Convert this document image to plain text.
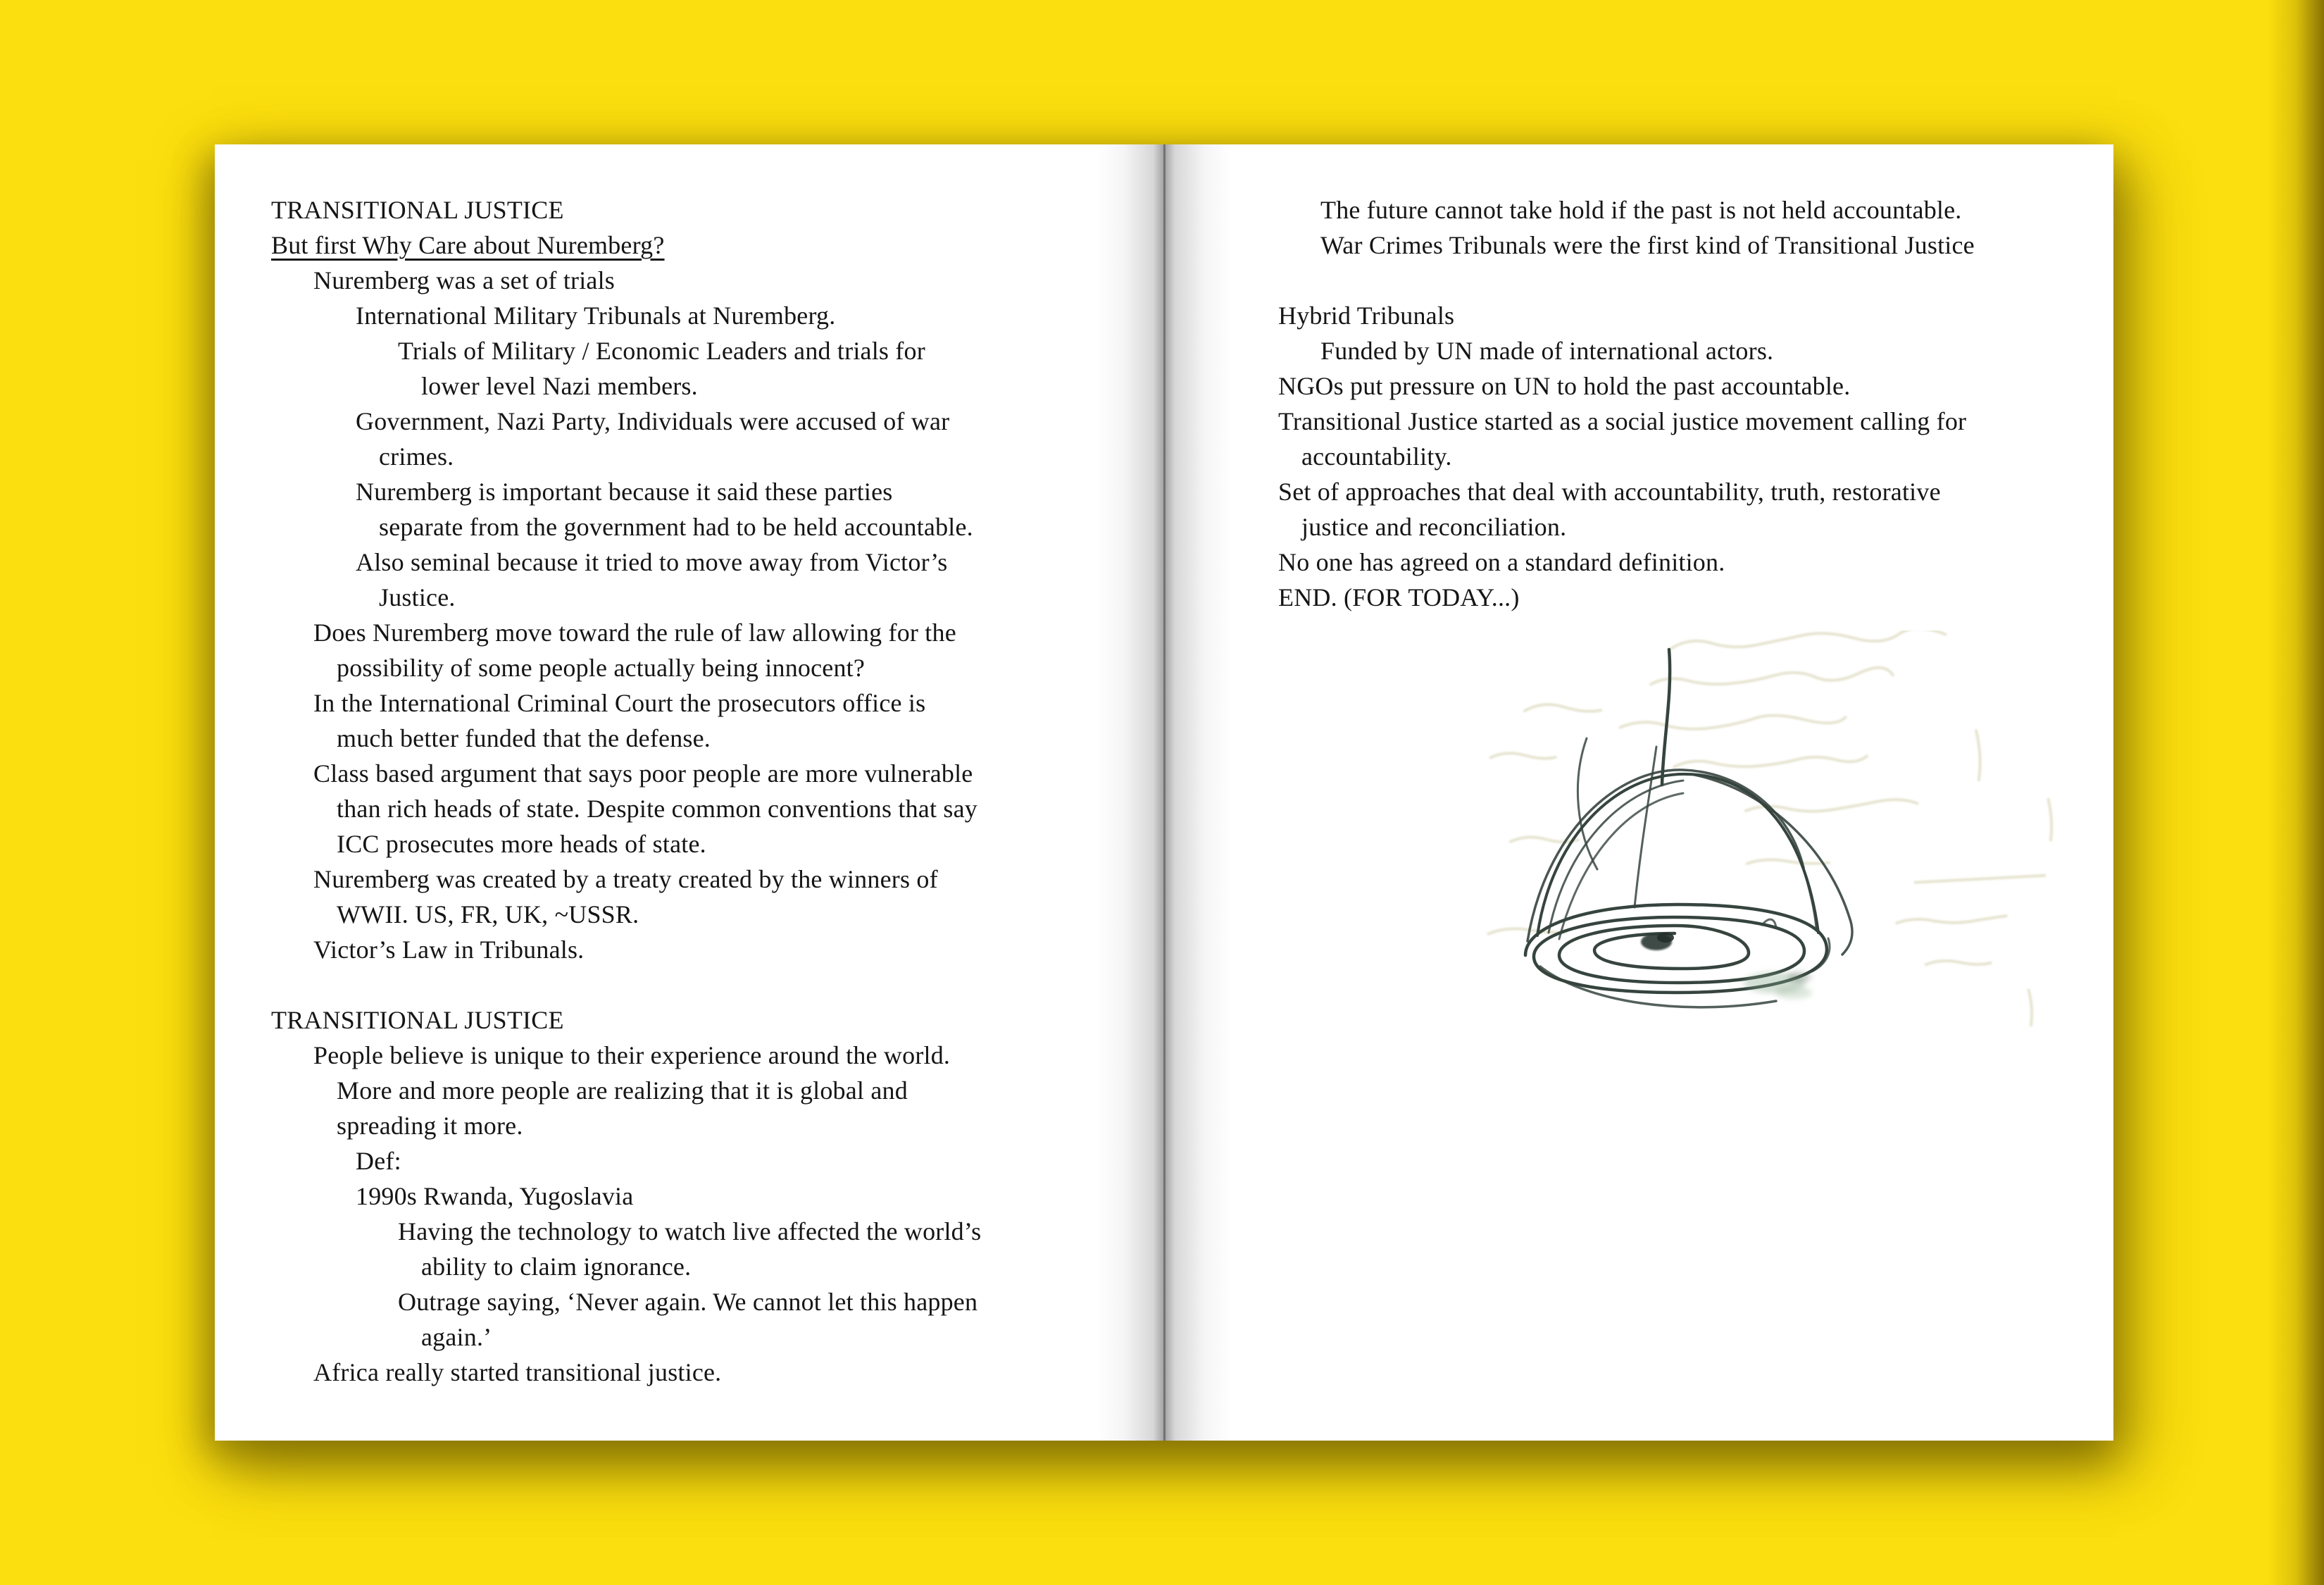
TRANSITIONAL JUSTICE
But first Why Care about Nuremberg?
Nuremberg was a set of trials
International Military Tribunals at Nuremberg.
Trials of Military / Economic Leaders and trials for
lower level Nazi members.
Government, Nazi Party, Individuals were accused of war
crimes.
Nuremberg is important because it said these parties
separate from the government had to be held accountable.
Also seminal because it tried to move away from Victor’s
Justice.
Does Nuremberg move toward the rule of law allowing for the
possibility of some people actually being innocent?
In the International Criminal Court the prosecutors office is
much better funded that the defense.
Class based argument that says poor people are more vulnerable
than rich heads of state. Despite common conventions that say
ICC prosecutes more heads of state.
Nuremberg was created by a treaty created by the winners of
WWII. US, FR, UK, ~USSR.
Victor’s Law in Tribunals.

TRANSITIONAL JUSTICE
People believe is unique to their experience around the world.
More and more people are realizing that it is global and
spreading it more.
Def:
1990s Rwanda, Yugoslavia
Having the technology to watch live affected the world’s
ability to claim ignorance.
Outrage saying, ‘Never again. We cannot let this happen
again.’
Africa really started transitional justice.
The future cannot take hold if the past is not held accountable.
War Crimes Tribunals were the first kind of Transitional Justice

Hybrid Tribunals
Funded by UN made of international actors.
NGOs put pressure on UN to hold the past accountable.
Transitional Justice started as a social justice movement calling for
accountability.
Set of approaches that deal with accountability, truth, restorative
justice and reconciliation.
No one has agreed on a standard definition.
END. (FOR TODAY...)
